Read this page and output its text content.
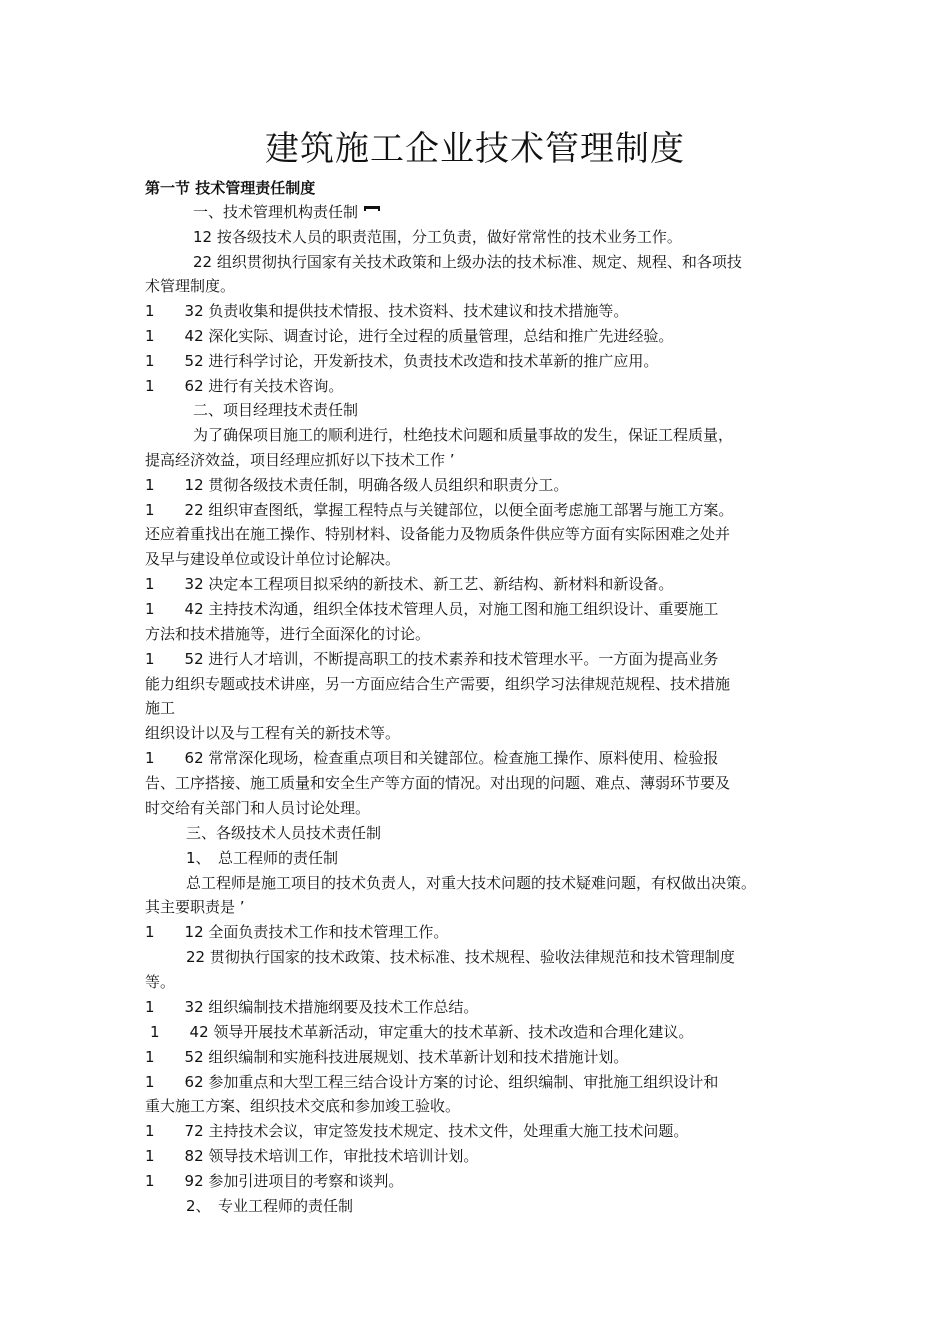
建筑施工企业技术管理制度
第一节 技术管理责任制度
一、技术管理机构责任制
12 按各级技术人员的职责范围，分工负责，做好常常性的技术业务工作。
22 组织贯彻执行国家有关技术政策和上级办法的技术标准、规定、规程、和各项技
术管理制度。
1　　32 负责收集和提供技术情报、技术资料、技术建议和技术措施等。
1　　42 深化实际、调查讨论，进行全过程的质量管理，总结和推广先进经验。
1　　52 进行科学讨论，开发新技术，负责技术改造和技术革新的推广应用。
1　　62 进行有关技术咨询。
二、项目经理技术责任制
为了确保项目施工的顺利进行，杜绝技术问题和质量事故的发生，保证工程质量，
提高经济效益，项目经理应抓好以下技术工作 ’
1　　12 贯彻各级技术责任制，明确各级人员组织和职责分工。
1　　22 组织审查图纸，掌握工程特点与关键部位，以便全面考虑施工部署与施工方案。
还应着重找出在施工操作、特别材料、设备能力及物质条件供应等方面有实际困难之处并
及早与建设单位或设计单位讨论解决。
1　　32 决定本工程项目拟采纳的新技术、新工艺、新结构、新材料和新设备。
1　　42 主持技术沟通，组织全体技术管理人员，对施工图和施工组织设计、重要施工
方法和技术措施等，进行全面深化的讨论。
1　　52 进行人才培训，不断提高职工的技术素养和技术管理水平。一方面为提高业务
能力组织专题或技术讲座，另一方面应结合生产需要，组织学习法律规范规程、技术措施
施工
组织设计以及与工程有关的新技术等。
1　　62 常常深化现场，检查重点项目和关键部位。检查施工操作、原料使用、检验报
告、工序搭接、施工质量和安全生产等方面的情况。对出现的问题、难点、薄弱环节要及
时交给有关部门和人员讨论处理。
三、各级技术人员技术责任制
1、　总工程师的责任制
总工程师是施工项目的技术负责人，对重大技术问题的技术疑难问题，有权做出决策。
其主要职责是 ’
1　　12 全面负责技术工作和技术管理工作。
22 贯彻执行国家的技术政策、技术标准、技术规程、验收法律规范和技术管理制度
等。
1　　32 组织编制技术措施纲要及技术工作总结。
1　　42 领导开展技术革新活动，审定重大的技术革新、技术改造和合理化建议。
1　　52 组织编制和实施科技进展规划、技术革新计划和技术措施计划。
1　　62 参加重点和大型工程三结合设计方案的讨论、组织编制、审批施工组织设计和
重大施工方案、组织技术交底和参加竣工验收。
1　　72 主持技术会议，审定签发技术规定、技术文件，处理重大施工技术问题。
1　　82 领导技术培训工作，审批技术培训计划。
1　　92 参加引进项目的考察和谈判。
2、　专业工程师的责任制
